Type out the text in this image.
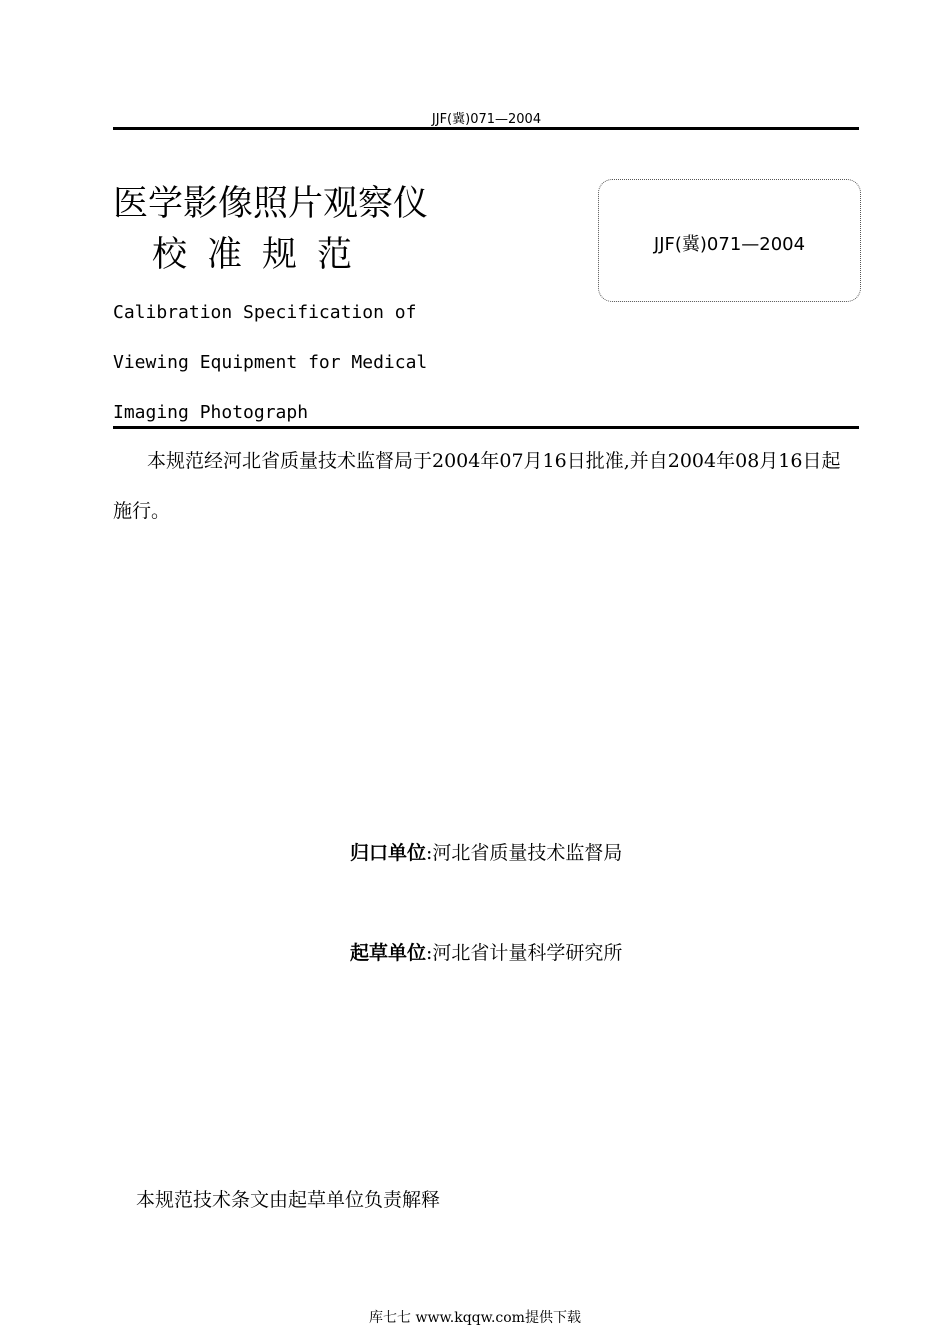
JJF(冀)071—2004
医学影像照片观察仪
校准规范	JJF(冀)071—2004
Calibration Specification of
Viewing Equipment for Medical
Imaging Photograph
本规范经河北省质量技术监督局于2004年07月16日批准,并自2004年08月16日起施行。
归口单位:河北省质量技术监督局
起草单位:河北省计量科学研究所
本规范技术条文由起草单位负责解释
库七七 www.kqqw.com提供下载
